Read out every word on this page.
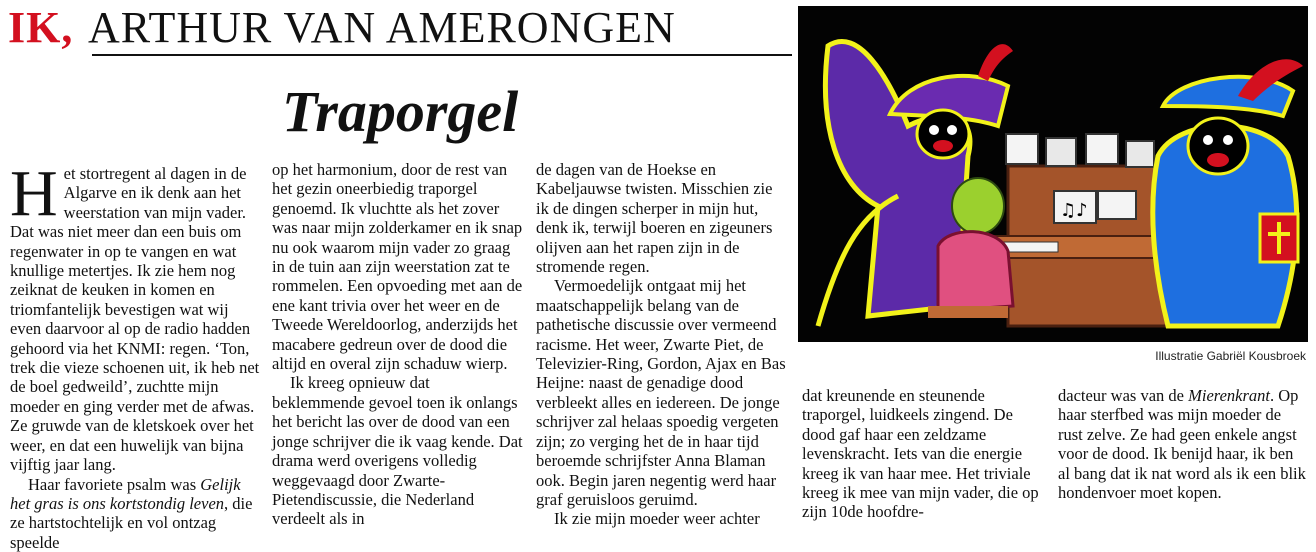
IK, ARTHUR VAN AMERONGEN
Traporgel

Het stortregent al dagen in de Algarve en ik denk aan het weerstation van mijn vader. Dat was niet meer dan een buis om regenwater in op te vangen en wat knullige metertjes. Ik zie hem nog zeiknat de keuken in komen en triomfantelijk bevestigen wat wij even daarvoor al op de radio hadden gehoord via het KNMI: regen. ‘Ton, trek die vieze schoenen uit, ik heb net de boel gedweild’, zuchtte mijn moeder en ging verder met de afwas. Ze gruwde van de kletskoek over het weer, en dat een huwelijk van bijna vijftig jaar lang.

Haar favoriete psalm was Gelijk het gras is ons kortstondig leven, die ze hartstochtelijk en vol ontzag speelde

op het harmonium, door de rest van het gezin oneerbiedig traporgel genoemd. Ik vluchtte als het zover was naar mijn zolderkamer en ik snap nu ook waarom mijn vader zo graag in de tuin aan zijn weerstation zat te rommelen. Een opvoeding met aan de ene kant trivia over het weer en de Tweede Wereldoorlog, anderzijds het macabere gedreun over de dood die altijd en overal zijn schaduw wierp.

Ik kreeg opnieuw dat beklemmende gevoel toen ik onlangs het bericht las over de dood van een jonge schrijver die ik vaag kende. Dat drama werd overigens volledig weggevaagd door Zwarte-Pietendiscussie, die Nederland verdeelt als in

de dagen van de Hoekse en Kabeljauwse twisten. Misschien zie ik de dingen scherper in mijn hut, denk ik, terwijl boeren en zigeuners olijven aan het rapen zijn in de stromende regen.

Vermoedelijk ontgaat mij het maatschappelijk belang van de pathetische discussie over vermeend racisme. Het weer, Zwarte Piet, de Televizier-Ring, Gordon, Ajax en Bas Heijne: naast de genadige dood verbleekt alles en iedereen. De jonge schrijver zal helaas spoedig vergeten zijn; zo verging het de in haar tijd beroemde schrijfster Anna Blaman ook. Begin jaren negentig werd haar graf geruisloos geruimd.

Ik zie mijn moeder weer achter

dat kreunende en steunende traporgel, luidkeels zingend. De dood gaf haar een zeldzame levenskracht. Iets van die energie kreeg ik van haar mee. Het triviale kreeg ik mee van mijn vader, die op zijn 10de hoofdre-

dacteur was van de Mierenkrant. Op haar sterfbed was mijn moeder de rust zelve. Ze had geen enkele angst voor de dood. Ik benijd haar, ik ben al bang dat ik nat word als ik een blik hondenvoer moet kopen.

♫♪
Illustratie Gabriël Kousbroek
